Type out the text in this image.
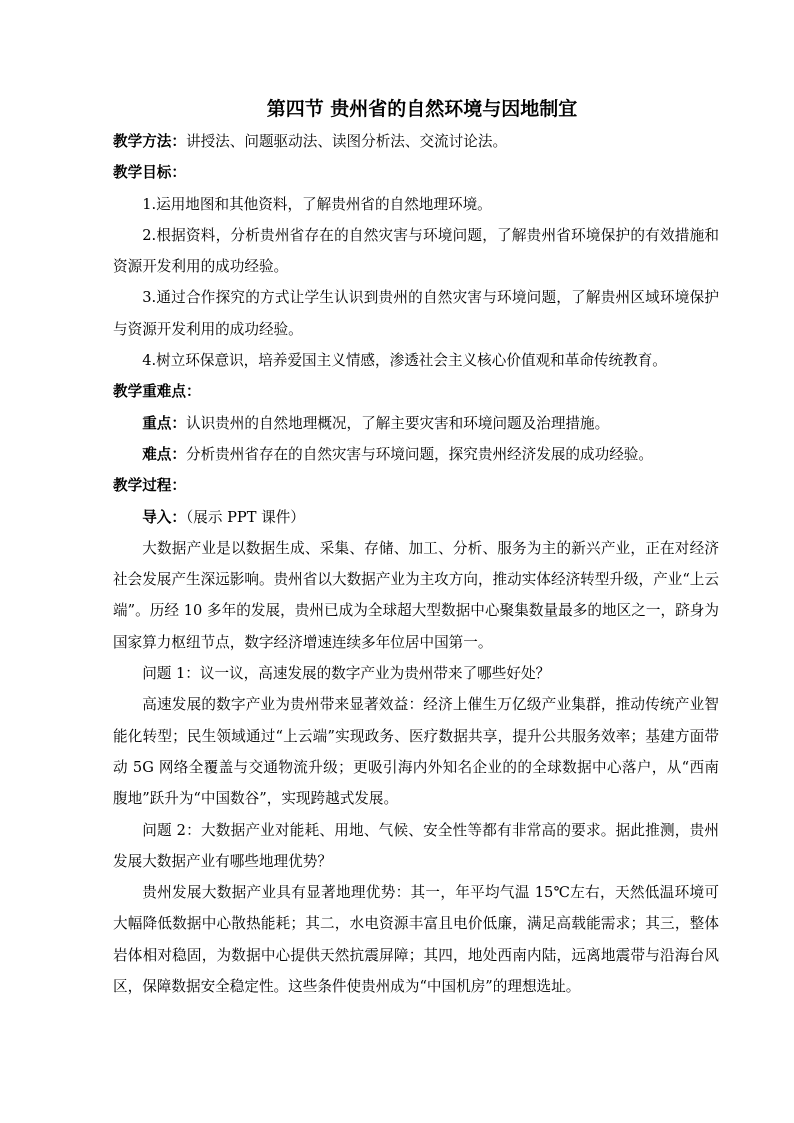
第四节 贵州省的自然环境与因地制宜

教学方法：讲授法、问题驱动法、读图分析法、交流讨论法。

教学目标：

1.运用地图和其他资料，了解贵州省的自然地理环境。

2.根据资料，分析贵州省存在的自然灾害与环境问题，了解贵州省环境保护的有效措施和资源开发利用的成功经验。

3.通过合作探究的方式让学生认识到贵州的自然灾害与环境问题，了解贵州区域环境保护与资源开发利用的成功经验。

4.树立环保意识，培养爱国主义情感，渗透社会主义核心价值观和革命传统教育。

教学重难点：

重点：认识贵州的自然地理概况，了解主要灾害和环境问题及治理措施。

难点：分析贵州省存在的自然灾害与环境问题，探究贵州经济发展的成功经验。

教学过程：

导入：（展示 PPT 课件）

大数据产业是以数据生成、采集、存储、加工、分析、服务为主的新兴产业，正在对经济社会发展产生深远影响。贵州省以大数据产业为主攻方向，推动实体经济转型升级，产业“上云端”。历经 10 多年的发展，贵州已成为全球超大型数据中心聚集数量最多的地区之一，跻身为国家算力枢纽节点，数字经济增速连续多年位居中国第一。

问题 1：议一议，高速发展的数字产业为贵州带来了哪些好处？

高速发展的数字产业为贵州带来显著效益：经济上催生万亿级产业集群，推动传统产业智能化转型；民生领域通过“上云端”实现政务、医疗数据共享，提升公共服务效率；基建方面带动 5G 网络全覆盖与交通物流升级；更吸引海内外知名企业的的全球数据中心落户，从“西南腹地”跃升为“中国数谷”，实现跨越式发展。

问题 2：大数据产业对能耗、用地、气候、安全性等都有非常高的要求。据此推测，贵州发展大数据产业有哪些地理优势？

贵州发展大数据产业具有显著地理优势：其一，年平均气温 15℃左右，天然低温环境可大幅降低数据中心散热能耗；其二，水电资源丰富且电价低廉，满足高载能需求；其三，整体岩体相对稳固，为数据中心提供天然抗震屏障；其四，地处西南内陆，远离地震带与沿海台风区，保障数据安全稳定性。这些条件使贵州成为“中国机房”的理想选址。
